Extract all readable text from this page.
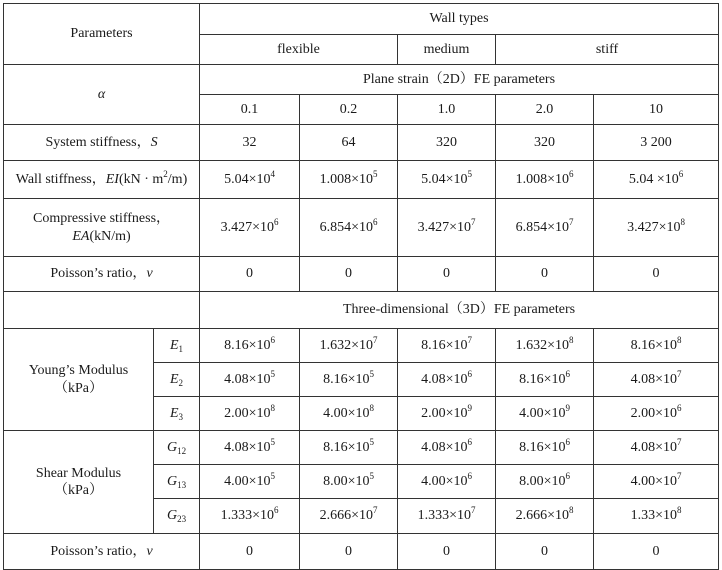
Parameters		Wall types				
		flexible		medium	stiff	
α		Plane strain（2D）FE parameters				
		0.1	0.2	1.0	2.0	10
System stiffness，S		32	64	320	320	3 200
Wall stiffness，$EI(kN \cdot m^2/m)$		$5.04\times 10^4$	$1.008\times 10^5$	$5.04\times 10^5$	$1.008\times 10^6$	$5.04 \times 10^6$

Compressive stiffness，
EA(kN/m)		$3.427\times 10^6$	$6.854\times 10^6$	$3.427\times 10^7$	$6.854\times 10^7$	$3.427\times 10^8$
Poisson’s ratio，ν		0	0	0	0	0
		Three-dimensional（3D）FE parameters				

Young’s Modulus
（kPa）	$E_1$	$8.16\times 10^6$	$1.632\times 10^7$	$8.16\times 10^7$	$1.632\times 10^8$	$8.16\times 10^8$
	$E_2$	$4.08\times 10^5$	$8.16\times 10^5$	$4.08\times 10^6$	$8.16\times 10^6$	$4.08\times 10^7$
	$E_3$	$2.00\times 10^8$	$4.00\times 10^8$	$2.00\times 10^9$	$4.00\times 10^9$	$2.00\times 10^6$

Shear Modulus
（kPa）	$G_{12}$	$4.08\times 10^5$	$8.16\times 10^5$	$4.08\times 10^6$	$8.16\times 10^6$	$4.08\times 10^7$
	$G_{13}$	$4.00\times 10^5$	$8.00\times 10^5$	$4.00\times 10^6$	$8.00\times 10^6$	$4.00\times 10^7$
	$G_{23}$	$1.333\times 10^6$	$2.666\times 10^7$	$1.333\times 10^7$	$2.666\times 10^8$	$1.33\times 10^8$
Poisson’s ratio，ν		0	0	0	0	0
